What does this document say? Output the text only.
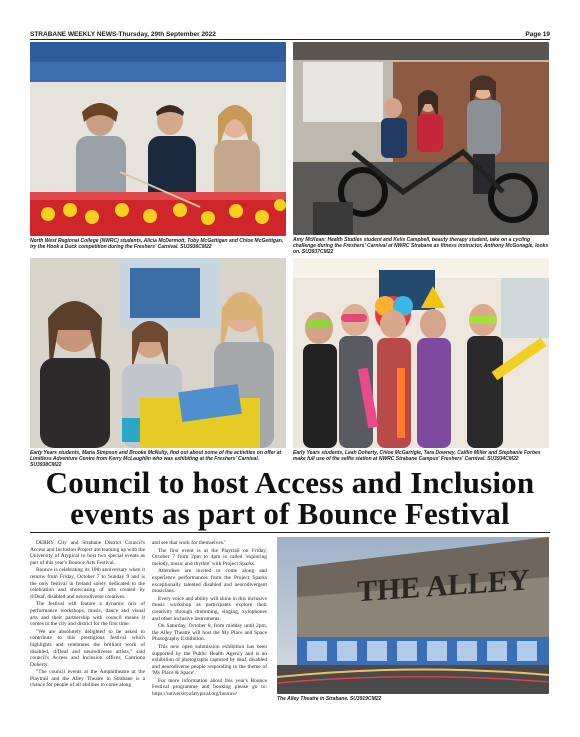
STRABANE WEEKLY NEWS-Thursday, 29th September 2022	Page 19
North West Regional College (NWRC) students, Alicia McDermott, Toby McGettigan and Chloe McGettigan, try the Hook a Duck competition during the Freshers' Carnival. SU3936CM22
Amy McKean: Health Studies student and Kelis Campbell, beauty therapy student, take on a cycling challenge during the Freshers' Carnival at NWRC Strabane as fitness instructor, Anthony McGonagle, looks on. SU3937CM22
Early Years students, Maria Simpson and Brooke McNulty, find out about some of the activities on offer at Limitless Adventure Centre from Kerry McLaughlin who was exhibiting at the Freshers' Carnival. SU3938CM22
Early Years students, Leah Doherty, Chloe McGarrigle, Tara Downey, Caitlin Miller and Stephanie Forbes make full use of the selfie station at NWRC Strabane Campus' Freshers' Carnival. SU3934CM22
Council to host Access and Inclusion events as part of Bounce Festival

DERRY City and Strabane District Council's Access and Inclusion Project are teaming up with the University of Atypical to host two special events as part of this year's Bounce Arts Festival.

Bounce is celebrating its 10th anniversary when it returns from Friday, October 7 to Sunday 9 and is the only festival in Ireland solely dedicated to the celebration and showcasing of arts created by d/Deaf, disabled and neurodiverse creatives.

The festival will feature a dynamic mix of performance workshops, music, dance and visual arts and their partnership with council means it comes to the city and district for the first time.

"We are absolutely delighted to be asked to contribute to this prestigious festival which highlights and celebrates the brilliant work of disabled, d/Deaf and neurodiverse artists," said council's Access and Inclusion officer, Caitriona Doherty.

"The council events at the Amphitheatre at the Playtrail and the Alley Theatre in Strabane is a chance for people of all abilities to come along

and see that work for themselves."

The first event is at the Playtrail on Friday, October 7 from 2pm to 4pm is called 'exploring melody, music and rhythm' with Project Sparks.

Attendees are invited to come along and experience performances from the Project Sparks exceptionally talented disabled and neurodivergent musicians.

Every voice and ability will shine in this inclusive music workshop as participants explore their creativity through drumming, singing, xylophones and other inclusive instruments.

On Saturday, October 8, from midday until 2pm, the Alley Theatre will host the My Place and Space Photography Exhibition.

This new open submission exhibition has been supported by the Public Health Agency and is an exhibition of photographs captured by deaf, disabled and neurodiverse people responding to the theme of 'My Place & Space'.

For more information about this year's Bounce Festival programme and booking please go to: https://universityofatypical.org/bounce/

THE ALLEY
The Alley Theatre in Strabane. SU3919CM22
